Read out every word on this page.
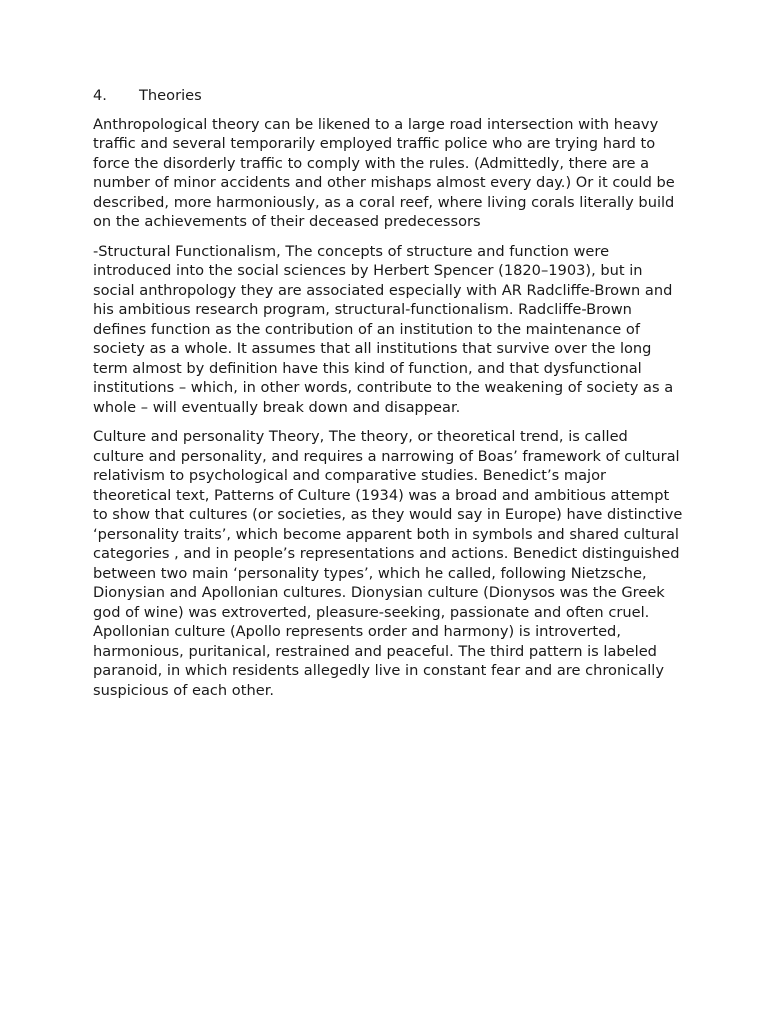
4.	Theories

Anthropological theory can be likened to a large road intersection with heavy traffic and several temporarily employed traffic police who are trying hard to force the disorderly traffic to comply with the rules. (Admittedly, there are a number of minor accidents and other mishaps almost every day.) Or it could be described, more harmoniously, as a coral reef, where living corals literally build on the achievements of their deceased predecessors

-Structural Functionalism, The concepts of structure and function were introduced into the social sciences by Herbert Spencer (1820–1903), but in social anthropology they are associated especially with AR Radcliffe-Brown and his ambitious research program, structural-functionalism. Radcliffe-Brown defines function as the contribution of an institution to the maintenance of society as a whole. It assumes that all institutions that survive over the long term almost by definition have this kind of function, and that dysfunctional institutions – which, in other words, contribute to the weakening of society as a whole – will eventually break down and disappear.

Culture and personality Theory, The theory, or theoretical trend, is called culture and personality, and requires a narrowing of Boas’ framework of cultural relativism to psychological and comparative studies. Benedict’s major theoretical text, Patterns of Culture (1934) was a broad and ambitious attempt to show that cultures (or societies, as they would say in Europe) have distinctive ‘personality traits’, which become apparent both in symbols and shared cultural categories , and in people’s representations and actions. Benedict distinguished between two main ‘personality types’, which he called, following Nietzsche, Dionysian and Apollonian cultures. Dionysian culture (Dionysos was the Greek god of wine) was extroverted, pleasure-seeking, passionate and often cruel. Apollonian culture (Apollo represents order and harmony) is introverted, harmonious, puritanical, restrained and peaceful. The third pattern is labeled paranoid, in which residents allegedly live in constant fear and are chronically suspicious of each other.
